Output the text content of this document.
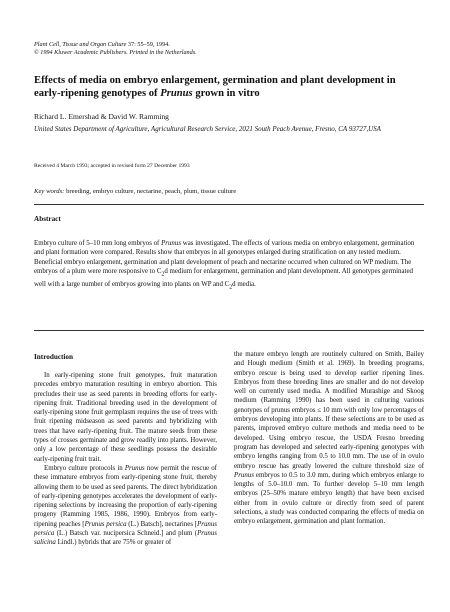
Plant Cell, Tissue and Organ Culture 37: 55–59, 1994.
© 1994 Kluwer Academic Publishers. Printed in the Netherlands.
Effects of media on embryo enlargement, germination and plant development in early-ripening genotypes of Prunus grown in vitro
Richard L. Emershad & David W. Ramming
United States Department of Agriculture, Agricultural Research Service, 2021 South Peach Avenue, Fresno, CA 93727,USA
Received 4 March 1993; accepted in revised form 27 December 1993
Key words: breeding, embryo culture, nectarine, peach, plum, tissue culture
Abstract
Embryo culture of 5–10 mm long embryos of Prunus was investigated. The effects of various media on embryo enlargement, germination and plant formation were compared. Results show that embryos in all genotypes enlarged during stratification on any tested medium. Beneficial embryo enlargement, germination and plant development of peach and nectarine occurred when cultured on WP medium. The embryos of a plum were more responsive to $C_2d$ medium for enlargement, germination and plant development. All genotypes germinated well with a large number of embryos growing into plants on WP and $C_2d$ media.
Introduction

In early-ripening stone fruit genotypes, fruit maturation precedes embryo maturation resulting in embryo abortion. This precludes their use as seed parents in breeding efforts for early-ripening fruit. Traditional breeding used in the development of early-ripening stone fruit germplasm requires the use of trees with fruit ripening midseason as seed parents and hybridizing with trees that have early-ripening fruit. The mature seeds from these types of crosses germinate and grow readily into plants. However, only a low percentage of these seedlings possess the desirable early-ripening fruit trait.

Embryo culture protocols in Prunus now permit the rescue of these immature embryos from early-ripening stone fruit, thereby allowing them to be used as seed parents. The direct hybridization of early-ripening genotypes accelerates the development of early-ripening selections by increasing the proportion of early-ripening progeny (Ramming 1985, 1986, 1990). Embryos from early-ripening peaches [Prunus persica (L.) Batsch], nectarines [Prunus persica (L.) Batsch var. nucipersica Schneid.] and plum (Prunus salicina Lindl.) hybrids that are 75% or greater of

the mature embryo length are routinely cultured on Smith, Bailey and Hough medium (Smith et al. 1969). In breeding programs, embryo rescue is being used to develop earlier ripening lines. Embryos from these breeding lines are smaller and do not develop well on currently used media. A modified Murashige and Skoog medium (Ramming 1990) has been used in culturing various genotypes of prunus embryos ≤ 10 mm with only low percentages of embryos developing into plants. If these selections are to be used as parents, improved embryo culture methods and media need to be developed. Using embryo rescue, the USDA Fresno breeding program has developed and selected early-ripening genotypes with embryo lengths ranging from 0.5 to 10.0 mm. The use of in ovulo embryo rescue has greatly lowered the culture threshold size of Prunus embryos to 0.5 to 3.0 mm, during which embryos enlarge to lengths of 5.0–10.0 mm. To further develop 5–10 mm length embryos (25–50% mature embryo length) that have been excised either from in ovulo culture or directly from seed of parent selections, a study was conducted comparing the effects of media on embryo enlargement, germination and plant formation.
